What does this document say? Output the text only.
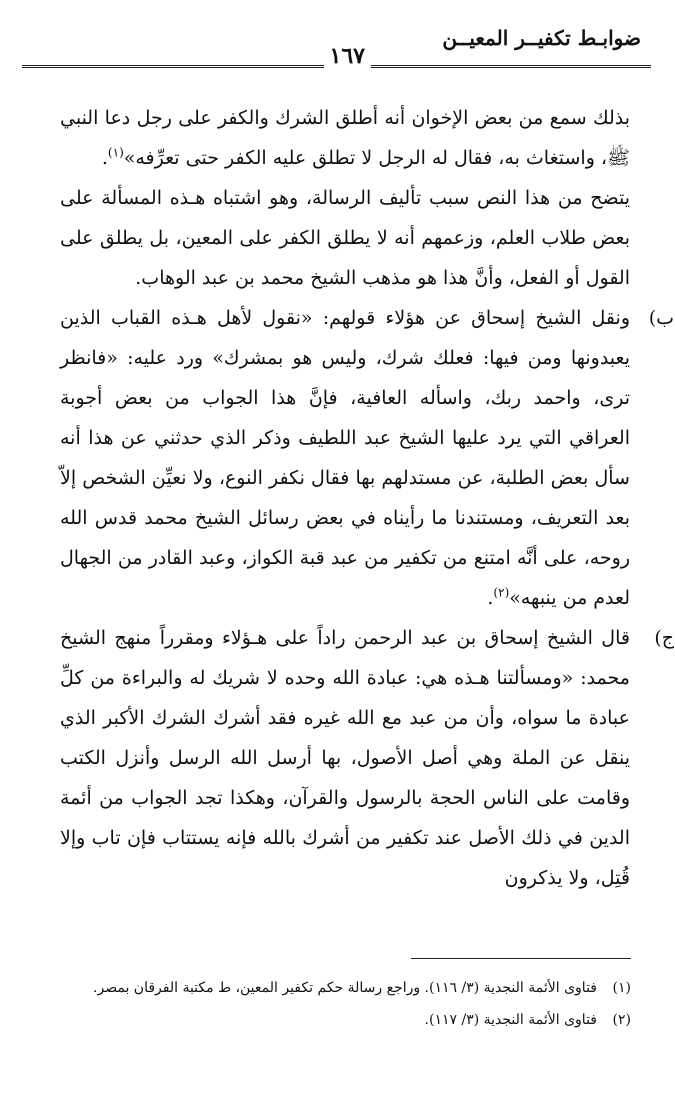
ضوابـط تكفيــر المعيــن
١٦٧

بذلك سمع من بعض الإخوان أنه أطلق الشرك والكفر على رجل دعا النبي ﷺ، واستغاث به، فقال له الرجل لا تطلق عليه الكفر حتى تعرِّفه»$^{(١)}$.

يتضح من هذا النص سبب تأليف الرسالة، وهو اشتباه هـذه المسألة على بعض طلاب العلم، وزعمهم أنه لا يطلق الكفر على المعين، بل يطلق على القول أو الفعل، وأنَّ هذا هو مذهب الشيخ محمد بن عبد الوهاب.

ب)

ونقل الشيخ إسحاق عن هؤلاء قولهم: «نقول لأهل هـذه القباب الذين يعبدونها ومن فيها: فعلك شرك، وليس هو بمشرك» ورد عليه: «فانظر ترى، واحمد ربك، واسأله العافية، فإنَّ هذا الجواب من بعض أجوبة العراقي التي يرد عليها الشيخ عبد اللطيف وذكر الذي حدثني عن هذا أنه سأل بعض الطلبة، عن مستدلهم بها فقال نكفر النوع، ولا نعيِّن الشخص إلاّ بعد التعريف، ومستندنا ما رأيناه في بعض رسائل الشيخ محمد قدس الله روحه، على أنَّه امتنع من تكفير من عبد قبة الكواز، وعبد القادر من الجهال لعدم من ينبهه»$^{(٢)}$.

ج)

قال الشيخ إسحاق بن عبد الرحمن راداً على هـؤلاء ومقرراً منهج الشيخ محمد: «ومسألتنا هـذه هي: عبادة الله وحده لا شريك له والبراءة من كلِّ عبادة ما سواه، وأن من عبد مع الله غيره فقد أشرك الشرك الأكبر الذي ينقل عن الملة وهي أصل الأصول، بها أرسل الله الرسل وأنزل الكتب وقامت على الناس الحجة بالرسول والقرآن، وهكذا تجد الجواب من أئمة الدين في ذلك الأصل عند تكفير من أشرك بالله فإنه يستتاب فإن تاب وإلا قُتِل، ولا يذكرون

(١)فتاوى الأئمة النجدية (٣/ ١١٦). وراجع رسالة حكم تكفير المعين، ط مكتبة الفرقان بمصر.
(٢)فتاوى الأئمة النجدية (٣/ ١١٧).
